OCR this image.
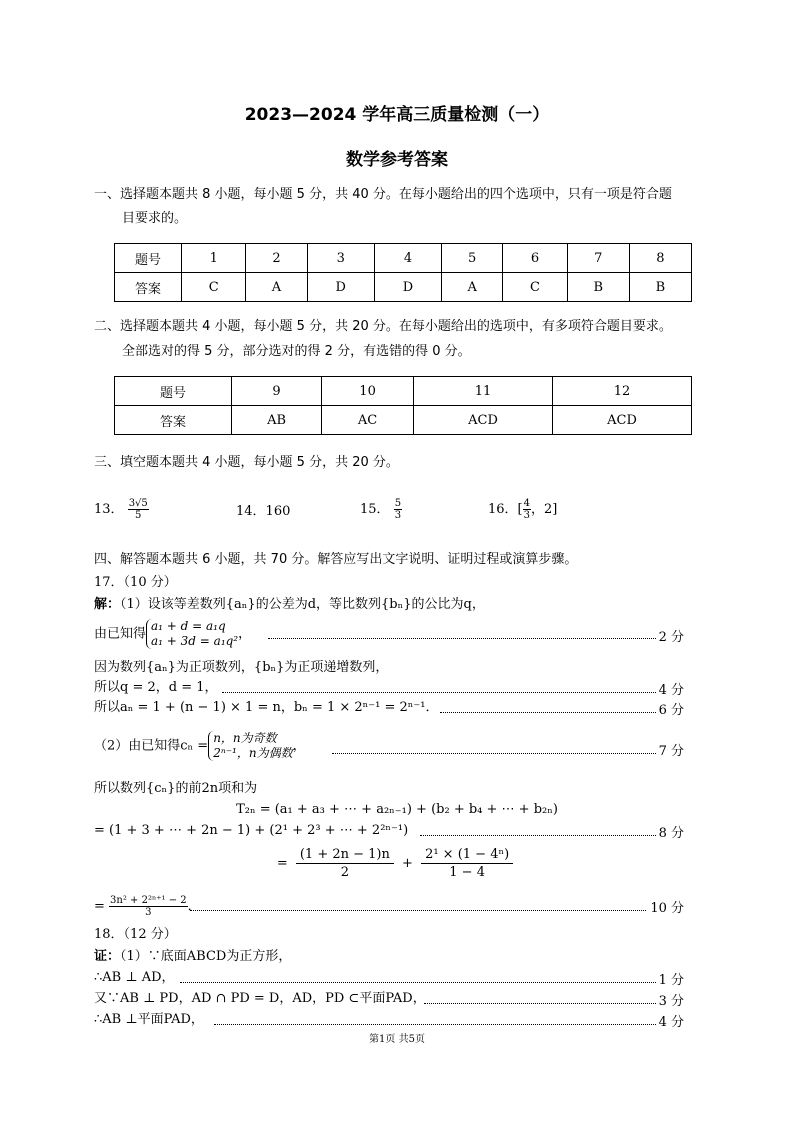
2023—2024 学年高三质量检测（一）
数学参考答案
一、选择题本题共 8 小题，每小题 5 分，共 40 分。在每小题给出的四个选项中，只有一项是符合题
目要求的。
题号	1	2	3	4	5	6	7	8
答案	C	A	D	D	A	C	B	B
二、选择题本题共 4 小题，每小题 5 分，共 20 分。在每小题给出的选项中，有多项符合题目要求。
全部选对的得 5 分，部分选对的得 2 分，有选错的得 0 分。
题号	9	10	11	12
答案	AB	AC	ACD	ACD
三、填空题本题共 4 小题，每小题 5 分，共 20 分。
13． $\frac{3√5}{5}$	14．160	15． $\frac{5}{3}$	16．[ $\frac{4}{3}$ ，2]
四、解答题本题共 6 小题，共 70 分。解答应写出文字说明、证明过程或演算步骤。
17．（10 分）
解：（1）设该等差数列{aₙ}的公差为d，等比数列{bₙ}的公比为q，
由已知得
a₁ + d = a₁q
a₁ + 3d = a₁q² ，	2 分
因为数列{aₙ}为正项数列，{bₙ}为正项递增数列，
所以q = 2，d = 1，	4 分
所以aₙ = 1 + (n − 1) × 1 = n，bₙ = 1 × 2ⁿ⁻¹ = 2ⁿ⁻¹．	6 分
（2）由已知得cₙ =
n，n为奇数
2ⁿ⁻¹，n为偶数 ，	7 分
所以数列{cₙ}的前2n项和为
T₂ₙ = (a₁ + a₃ + ⋯ + a₂ₙ₋₁) + (b₂ + b₄ + ⋯ + b₂ₙ)
= (1 + 3 + ⋯ + 2n − 1) + (2¹ + 2³ + ⋯ + 2²ⁿ⁻¹)	8 分
= $\frac{(1 + 2n - 1)n}{2} + \frac{\text{2¹ × (1 − 4ⁿ)}}{1 - 4}$
= $\frac{\text{3n² + 2²ⁿ⁺¹ − 2}}{3}$ ．	10 分
18．（12 分）
证：（1）∵底面ABCD为正方形，
∴AB ⊥ AD，	1 分
又∵AB ⊥ PD，AD ∩ PD = D，AD，PD ⊂平面PAD，	3 分
∴AB ⊥平面PAD，	4 分
第1页 共5页
